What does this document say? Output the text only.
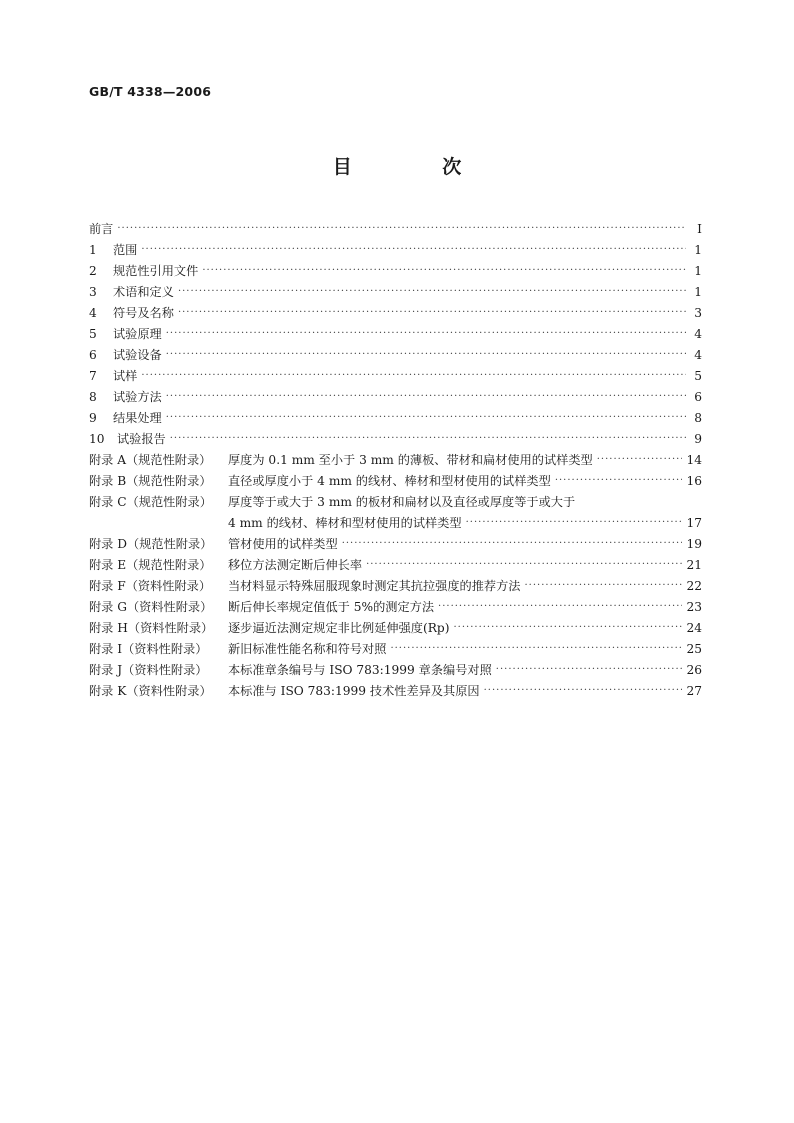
GB/T 4338—2006
目 次
前言 ·····	I
1 范围 ·····	1
2 规范性引用文件 ·····	1
3 术语和定义 ·····	1
4 符号及名称 ·····	3
5 试验原理 ·····	4
6 试验设备 ·····	4
7 试样 ·····	5
8 试验方法 ·····	6
9 结果处理 ·····	8
10 试验报告 ·····	9
附录 A（规范性附录） 厚度为 0.1 mm 至小于 3 mm 的薄板、带材和扁材使用的试样类型 ·····	14
附录 B（规范性附录） 直径或厚度小于 4 mm 的线材、棒材和型材使用的试样类型 ·····	16
附录 C（规范性附录） 厚度等于或大于 3 mm 的板材和扁材以及直径或厚度等于或大于
4 mm 的线材、棒材和型材使用的试样类型 ·····	17
附录 D（规范性附录） 管材使用的试样类型 ·····	19
附录 E（规范性附录） 移位方法测定断后伸长率 ·····	21
附录 F（资料性附录） 当材料显示特殊屈服现象时测定其抗拉强度的推荐方法 ·····	22
附录 G（资料性附录） 断后伸长率规定值低于 5%的测定方法 ·····	23
附录 H（资料性附录） 逐步逼近法测定规定非比例延伸强度(Rp) ·····	24
附录 I（资料性附录） 新旧标准性能名称和符号对照 ·····	25
附录 J（资料性附录） 本标准章条编号与 ISO 783:1999 章条编号对照 ·····	26
附录 K（资料性附录） 本标准与 ISO 783:1999 技术性差异及其原因 ·····	27
